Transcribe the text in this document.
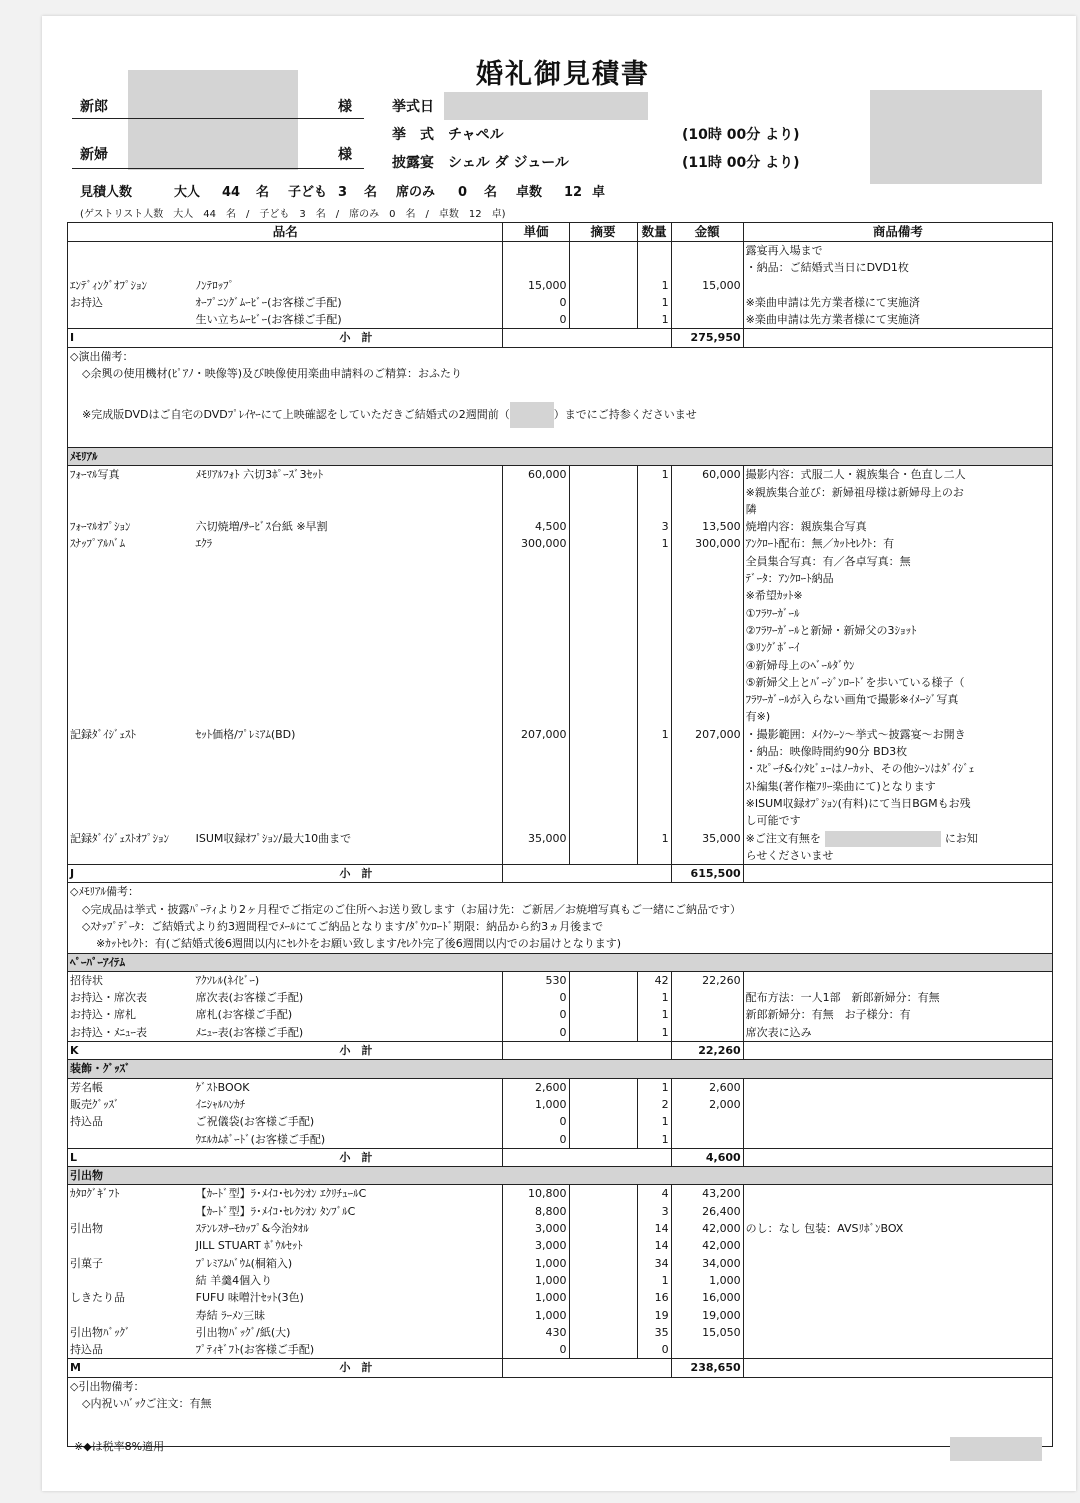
婚礼御見積書
新郎	様
新婦	様
挙式日
挙　式 チャペル	(10時 00分 より)
披露宴 シェル ダ ジュール	(11時 00分 より)
見積人数	大人 44 名 子ども 3 名 席のみ 0 名 卓数 12 卓
(ゲストリスト人数　大人　44　名　/　子ども　3　名　/　席のみ　0　名　/　卓数　12　卓)
品名		単価	摘要	数量	金額	商品備考
						露宴再入場まで
						・納品：ご結婚式当日にDVD1枚
ｴﾝﾃﾞｨﾝｸﾞｵﾌﾟｼｮﾝ	ﾉﾝﾃﾛｯﾌﾟ	15,000		1	15,000	
お持込	ｵｰﾌﾟﾆﾝｸﾞﾑｰﾋﾞｰ(お客様ご手配)	0		1		※楽曲申請は先方業者様にて実施済
	生い立ちﾑｰﾋﾞｰ(お客様ご手配)	0		1		※楽曲申請は先方業者様にて実施済
I	小　計				275,950	
◇演出備考：						
◇余興の使用機材(ﾋﾟｱﾉ・映像等)及び映像使用楽曲申請料のご精算：おふたり						

※完成版DVDはご自宅のDVDﾌﾟﾚｲﾔｰにて上映確認をしていただきご結婚式の2週間前（ ）までにご持参くださいませ						

ﾒﾓﾘｱﾙ						
ﾌｫｰﾏﾙ写真	ﾒﾓﾘｱﾙﾌｫﾄ 六切3ﾎﾟｰｽﾞ3ｾｯﾄ	60,000		1	60,000	撮影内容：式服二人・親族集合・色直し二人
						※親族集合並び：新婦祖母様は新婦母上のお
						隣
ﾌｫｰﾏﾙｵﾌﾟｼｮﾝ	六切焼増/ｻｰﾋﾞｽ台紙 ※早割	4,500		3	13,500	焼増内容：親族集合写真
ｽﾅｯﾌﾟｱﾙﾊﾞﾑ	ｴｸﾗ	300,000		1	300,000	ｱﾝｸﾛｰﾄ配布：無／ｶｯﾄｾﾚｸﾄ：有
						全員集合写真：有／各卓写真：無
						ﾃﾞｰﾀ：ｱﾝｸﾛｰﾄ納品
						※希望ｶｯﾄ※
						①ﾌﾗﾜｰｶﾞｰﾙ
						②ﾌﾗﾜｰｶﾞｰﾙと新婦・新婦父の3ｼｮｯﾄ
						③ﾘﾝｸﾞﾎﾞｰｲ
						④新婦母上のﾍﾞｰﾙﾀﾞｳﾝ
						⑤新婦父上とﾊﾞｰｼﾞﾝﾛｰﾄﾞを歩いている様子（
						ﾌﾗﾜｰｶﾞｰﾙが入らない画角で撮影※ｲﾒｰｼﾞ写真
						有※)
記録ﾀﾞｲｼﾞｪｽﾄ	ｾｯﾄ価格/ﾌﾟﾚﾐｱﾑ(BD)	207,000		1	207,000	・撮影範囲：ﾒｲｸｼｰﾝ～挙式～披露宴～お開き
						・納品：映像時間約90分 BD3枚
						・ｽﾋﾟｰﾁ&ｲﾝﾀﾋﾞｭｰはﾉｰｶｯﾄ、その他ｼｰﾝはﾀﾞｲｼﾞｪ
						ｽﾄ編集(著作権ﾌﾘｰ楽曲にて)となります
						※ISUM収録ｵﾌﾟｼｮﾝ(有料)にて当日BGMもお残
						し可能です
記録ﾀﾞｲｼﾞｪｽﾄｵﾌﾟｼｮﾝ	ISUM収録ｵﾌﾟｼｮﾝ/最大10曲まで	35,000		1	35,000	※ご注文有無を にお知
						らせくださいませ
J	小　計				615,500	
◇ﾒﾓﾘｱﾙ備考：						
◇完成品は挙式・披露ﾊﾟｰﾃｨより2ヶ月程でご指定のご住所へお送り致します（お届け先：ご新居／お焼増写真もご一緒にご納品です）						
◇ｽﾅｯﾌﾟﾃﾞｰﾀ：ご結婚式より約3週間程でﾒｰﾙにてご納品となります/ﾀﾞｳﾝﾛｰﾄﾞ期限：納品から約3ヵ月後まで						
※ｶｯﾄｾﾚｸﾄ：有(ご結婚式後6週間以内にｾﾚｸﾄをお願い致します/ｾﾚｸﾄ完了後6週間以内でのお届けとなります)						
ﾍﾟｰﾊﾟｰｱｲﾃﾑ						
招待状	ｱｸｿﾚﾙ(ﾈｲﾋﾞｰ)	530		42	22,260	
お持込・席次表	席次表(お客様ご手配)	0		1		配布方法：一人1部　新郎新婦分：有無
お持込・席札	席札(お客様ご手配)	0		1		新郎新婦分：有無　お子様分：有
お持込・ﾒﾆｭｰ表	ﾒﾆｭｰ表(お客様ご手配)	0		1		席次表に込み
K	小　計				22,260	
装飾・ｸﾞｯｽﾞ						
芳名帳	ｹﾞｽﾄBOOK	2,600		1	2,600	
販売ｸﾞｯｽﾞ	ｲﾆｼｬﾙﾊﾝｶﾁ	1,000		2	2,000	
持込品	ご祝儀袋(お客様ご手配)	0		1		
	ｳｴﾙｶﾑﾎﾞｰﾄﾞ(お客様ご手配)	0		1		
L	小　計				4,600	
引出物						
ｶﾀﾛｸﾞｷﾞﾌﾄ	【ｶｰﾄﾞ型】ﾗ･ﾒｲｺ･ｾﾚｸｼｵﾝ ｴｸﾘﾁｭｰﾙC	10,800		4	43,200	
	【ｶｰﾄﾞ型】ﾗ･ﾒｲｺ･ｾﾚｸｼｵﾝ ﾀﾝﾌﾞﾙC	8,800		3	26,400	
引出物	ｽﾃﾝﾚｽｻｰﾓｶｯﾌﾟ&今治ﾀｵﾙ	3,000		14	42,000	のし：なし 包装：AVSﾘﾎﾞﾝBOX
	JILL STUART ﾎﾞｳﾙｾｯﾄ	3,000		14	42,000	
引菓子	ﾌﾟﾚﾐｱﾑﾊﾞｳﾑ(桐箱入)	1,000		34	34,000	
	結 羊羹4個入り	1,000		1	1,000	
しきたり品	FUFU 味噌汁ｾｯﾄ(3色)	1,000		16	16,000	
	寿結 ﾗｰﾒﾝ三昧	1,000		19	19,000	
引出物ﾊﾞｯｸﾞ	引出物ﾊﾞｯｸﾞ/紙(大)	430		35	15,050	
持込品	ﾌﾟﾃｨｷﾞﾌﾄ(お客様ご手配)	0		0		
M	小　計				238,650	
◇引出物備考：						
◇内祝いﾊﾞｯｸご注文：有無						

※◆は税率8%適用
